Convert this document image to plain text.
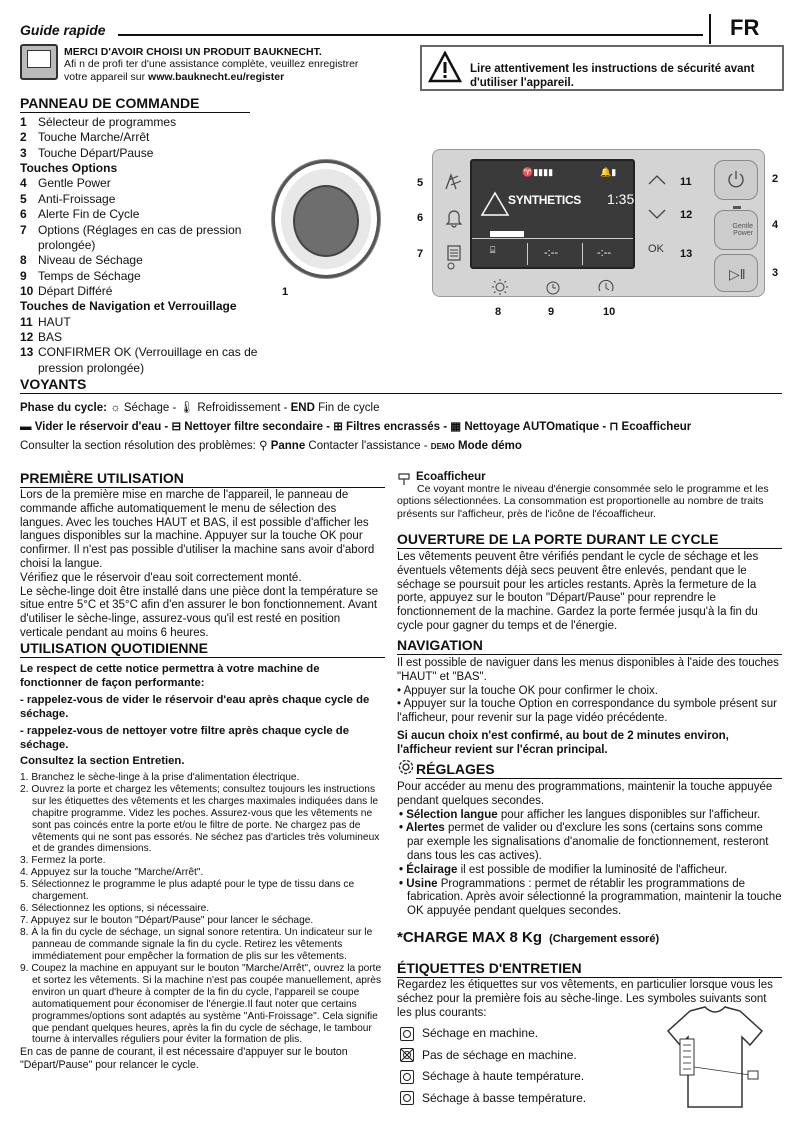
Guide rapide	FR
MERCI D'AVOIR CHOISI UN PRODUIT BAUKNECHT.
Afi n de profi ter d'une assistance complète, veuillez enregistrer
votre appareil sur www.bauknecht.eu/register
Lire attentivement les instructions de sécurité avant d'utiliser l'appareil.
PANNEAU DE COMMANDE
1 Sélecteur de programmes
2 Touche Marche/Arrêt
3 Touche Départ/Pause
Touches Options
4 Gentle Power
5 Anti-Froissage
6 Alerte Fin de Cycle
7 Options (Réglages en cas de pression
prolongée)
8 Niveau de Séchage
9 Temps de Séchage
10 Départ Différé
Touches de Navigation et Verrouillage
11 HAUT
12 BAS
13 CONFIRMER OK (Verrouillage en cas de
pression prolongée)
1
♈▮▮▮▮	🔔▮
SYNTHETICS 1:35
⌸	-:--	-:--	OK
Gentle Power
▷‖
2
3
4
5
6
7
8	9	10
11
12
13
VOYANTS
Phase du cycle: ☼ Séchage - 🌡 Refroidissement - END Fin de cycle
▬ Vider le réservoir d'eau - ⊟ Nettoyer filtre secondaire - ⊞ Filtres encrassés - ▦ Nettoyage AUTOmatique - ⊓ Ecoafficheur
Consulter la section résolution des problèmes: ⚲ Panne Contacter l'assistance - DEMO Mode démo
PREMIÈRE UTILISATION
Lors de la première mise en marche de l'appareil, le panneau de commande affiche automatiquement le menu de sélection des langues. Avec les touches HAUT et BAS, il est possible d'afficher les langues disponibles sur la machine. Appuyer sur la touche OK pour confirmer. Il n'est pas possible d'utiliser la machine sans avoir d'abord choisi la langue.
Vérifiez que le réservoir d'eau soit correctement monté.
Le sèche-linge doit être installé dans une pièce dont la température se situe entre 5°C et 35°C afin d'en assurer le bon fonctionnement. Avant d'utiliser le sèche-linge, assurez-vous qu'il est resté en position verticale pendant au moins 6 heures.
UTILISATION QUOTIDIENNE
Le respect de cette notice permettra à votre machine de fonctionner de façon performante:
- rappelez-vous de vider le réservoir d'eau après chaque cycle de séchage.
- rappelez-vous de nettoyer votre filtre après chaque cycle de séchage.
Consultez la section Entretien.
1. Branchez le sèche-linge à la prise d'alimentation électrique.
2. Ouvrez la porte et chargez les vêtements; consultez toujours les instructions sur les étiquettes des vêtements et les charges maximales indiquées dans le chapitre programme. Videz les poches. Assurez-vous que les vêtements ne sont pas coincés entre la porte et/ou le filtre de porte. Ne chargez pas de vêtements qui ne sont pas essorés. Ne séchez pas d'articles très volumineux et de grandes dimensions.
3. Fermez la porte.
4. Appuyez sur la touche "Marche/Arrêt".
5. Sélectionnez le programme le plus adapté pour le type de tissu dans ce chargement.
6. Sélectionnez les options, si nécessaire.
7. Appuyez sur le bouton "Départ/Pause" pour lancer le séchage.
8. À la fin du cycle de séchage, un signal sonore retentira. Un indicateur sur le panneau de commande signale la fin du cycle. Retirez les vêtements immédiatement pour empêcher la formation de plis sur les vêtements.
9. Coupez la machine en appuyant sur le bouton "Marche/Arrêt", ouvrez la porte et sortez les vêtements. Si la machine n'est pas coupée manuellement, après environ un quart d'heure à compter de la fin du cycle, l'appareil se coupe automatiquement pour économiser de l'énergie.Il faut noter que certains programmes/options sont adaptés au système "Anti-Froissage". Cela signifie que pendant quelques heures, après la fin du cycle de séchage, le tambour tourne à intervalles réguliers pour éviter la formation de plis.
En cas de panne de courant, il est nécessaire d'appuyer sur le bouton "Départ/Pause" pour relancer le cycle.
Ecoafficheur
Ce voyant montre le niveau d'énergie consommée selo le programme et les options sélectionnées. La consommation est proportionelle au nombre de traits présents sur l'afficheur, près de l'icône de l'écoafficheur.
OUVERTURE DE LA PORTE DURANT LE CYCLE
Les vêtements peuvent être vérifiés pendant le cycle de séchage et les éventuels vêtements déjà secs peuvent être enlevés, pendant que le séchage se poursuit pour les articles restants. Après la fermeture de la porte, appuyez sur le bouton "Départ/Pause" pour reprendre le fonctionnement de la machine. Gardez la porte fermée jusqu'à la fin du cycle pour gagner du temps et de l'énergie.
NAVIGATION
Il est possible de naviguer dans les menus disponibles à l'aide des touches "HAUT" et "BAS".
• Appuyer sur la touche OK pour confirmer le choix.
• Appuyer sur la touche Option en correspondance du symbole présent sur l'afficheur, pour revenir sur la page vidéo précédente.
Si aucun choix n'est confirmé, au bout de 2 minutes environ, l'afficheur revient sur l'écran principal.
RÉGLAGES
Pour accéder au menu des programmations, maintenir la touche appuyée pendant quelques secondes.
• Sélection langue pour afficher les langues disponibles sur l'afficheur.
• Alertes permet de valider ou d'exclure les sons (certains sons comme par exemple les signalisations d'anomalie de fonctionnement, resteront dans tous les cas actives).
• Éclairage il est possible de modifier la luminosité de l'afficheur.
• Usine Programmations : permet de rétablir les programmations de fabrication. Après avoir sélectionné la programmation, maintenir la touche OK appuyée pendant quelques secondes.
*CHARGE MAX 8 Kg (Chargement essoré)
ÉTIQUETTES D'ENTRETIEN
Regardez les étiquettes sur vos vêtements, en particulier lorsque vous les séchez pour la première fois au sèche-linge. Les symboles suivants sont les plus courants:
Séchage en machine.
Pas de séchage en machine.
Séchage à haute température.
Séchage à basse température.
